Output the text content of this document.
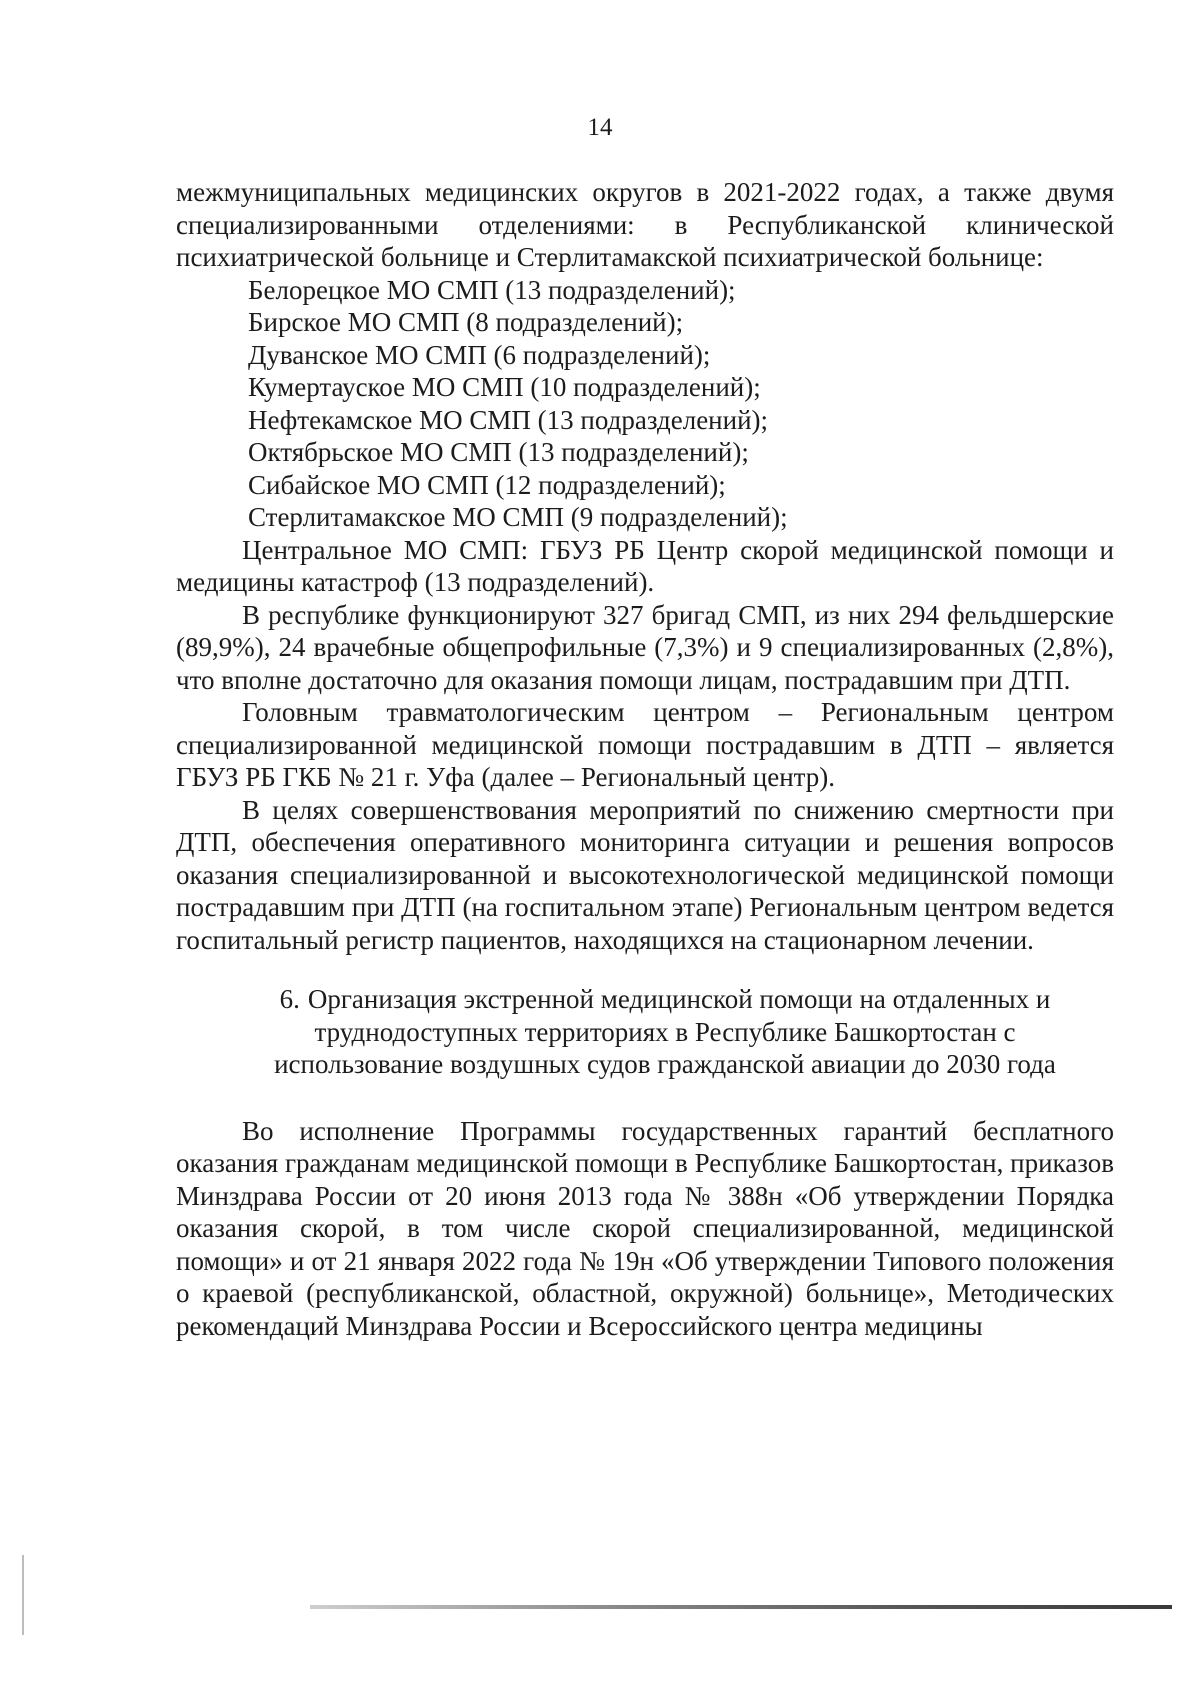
14

межмуниципальных медицинских округов в 2021-2022 годах, а также двумя специализированными отделениями: в Республиканской клинической психиатрической больнице и Стерлитамакской психиатрической больнице:

Белорецкое МО СМП (13 подразделений);
Бирское МО СМП (8 подразделений);
Дуванское МО СМП (6 подразделений);
Кумертауское МО СМП (10 подразделений);
Нефтекамское МО СМП (13 подразделений);
Октябрьское МО СМП (13 подразделений);
Сибайское МО СМП (12 подразделений);
Стерлитамакское МО СМП (9 подразделений);

Центральное МО СМП: ГБУЗ РБ Центр скорой медицинской помощи и медицины катастроф (13 подразделений).

В республике функционируют 327 бригад СМП, из них 294 фельдшерские (89,9%), 24 врачебные общепрофильные (7,3%) и 9 специализированных (2,8%), что вполне достаточно для оказания помощи лицам, пострадавшим при ДТП.

Головным травматологическим центром – Региональным центром специализированной медицинской помощи пострадавшим в ДТП – является ГБУЗ РБ ГКБ № 21 г. Уфа (далее – Региональный центр).

В целях совершенствования мероприятий по снижению смертности при ДТП, обеспечения оперативного мониторинга ситуации и решения вопросов оказания специализированной и высокотехнологической медицинской помощи пострадавшим при ДТП (на госпитальном этапе) Региональным центром ведется госпитальный регистр пациентов, находящихся на стационарном лечении.

6. Организация экстренной медицинской помощи на отдаленных и труднодоступных территориях в Республике Башкортостан с использование воздушных судов гражданской авиации до 2030 года

Во исполнение Программы государственных гарантий бесплатного оказания гражданам медицинской помощи в Республике Башкортостан, приказов Минздрава России от 20 июня 2013 года № 388н «Об утверждении Порядка оказания скорой, в том числе скорой специализированной, медицинской помощи» и от 21 января 2022 года № 19н «Об утверждении Типового положения о краевой (республиканской, областной, окружной) больнице», Методических рекомендаций Минздрава России и Всероссийского центра медицины
